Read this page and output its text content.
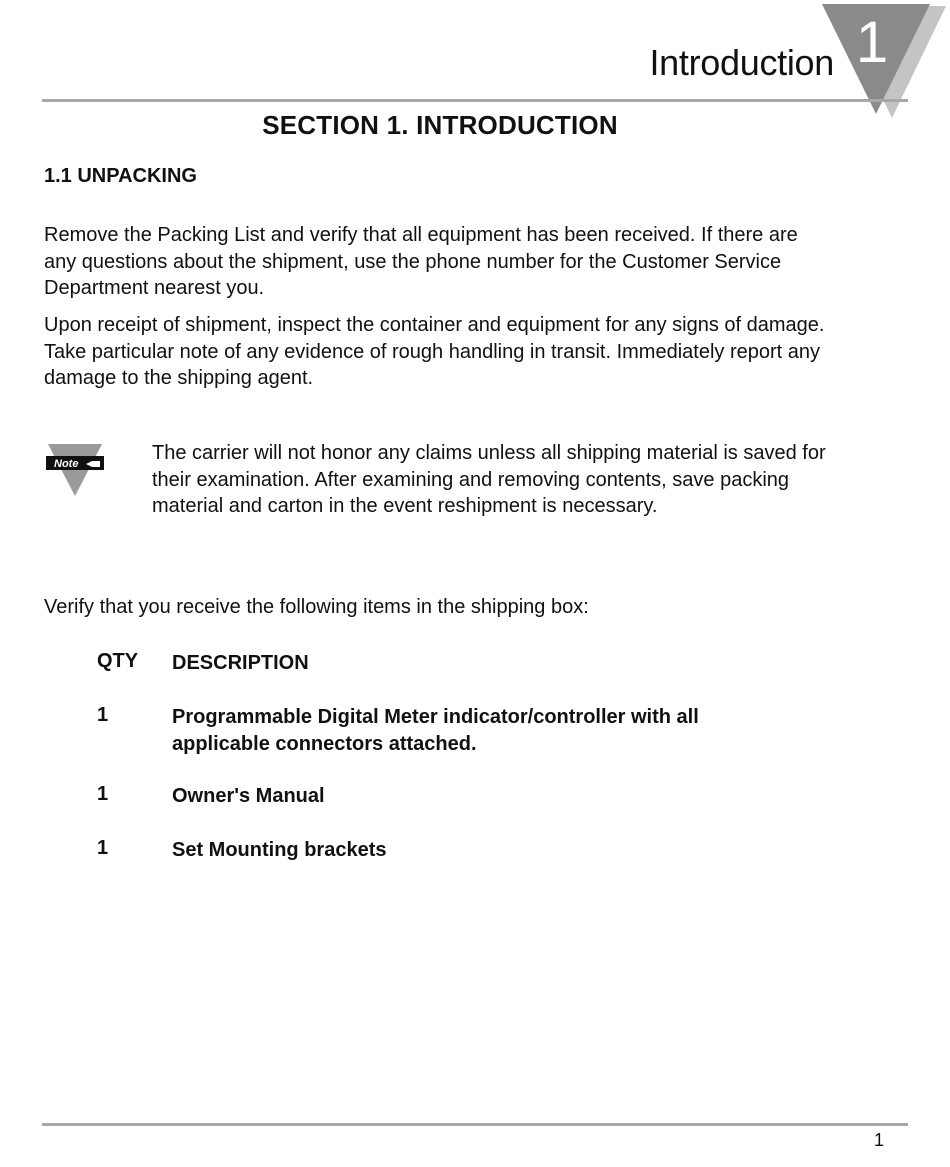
Introduction 1
SECTION 1. INTRODUCTION
1.1 UNPACKING

Remove the Packing List and verify that all equipment has been received. If there are any questions about the shipment, use the phone number for the Customer Service Department nearest you.

Upon receipt of shipment, inspect the container and equipment for any signs of damage. Take particular note of any evidence of rough handling in transit. Immediately report any damage to the shipping agent.

Note	The carrier will not honor any claims unless all shipping material is saved for their examination. After examining and removing contents, save packing material and carton in the event reshipment is necessary.

Verify that you receive the following items in the shipping box:

QTY DESCRIPTION
1	Programmable Digital Meter indicator/controller with all applicable connectors attached.
1	Owner's Manual
1	Set Mounting brackets
1
